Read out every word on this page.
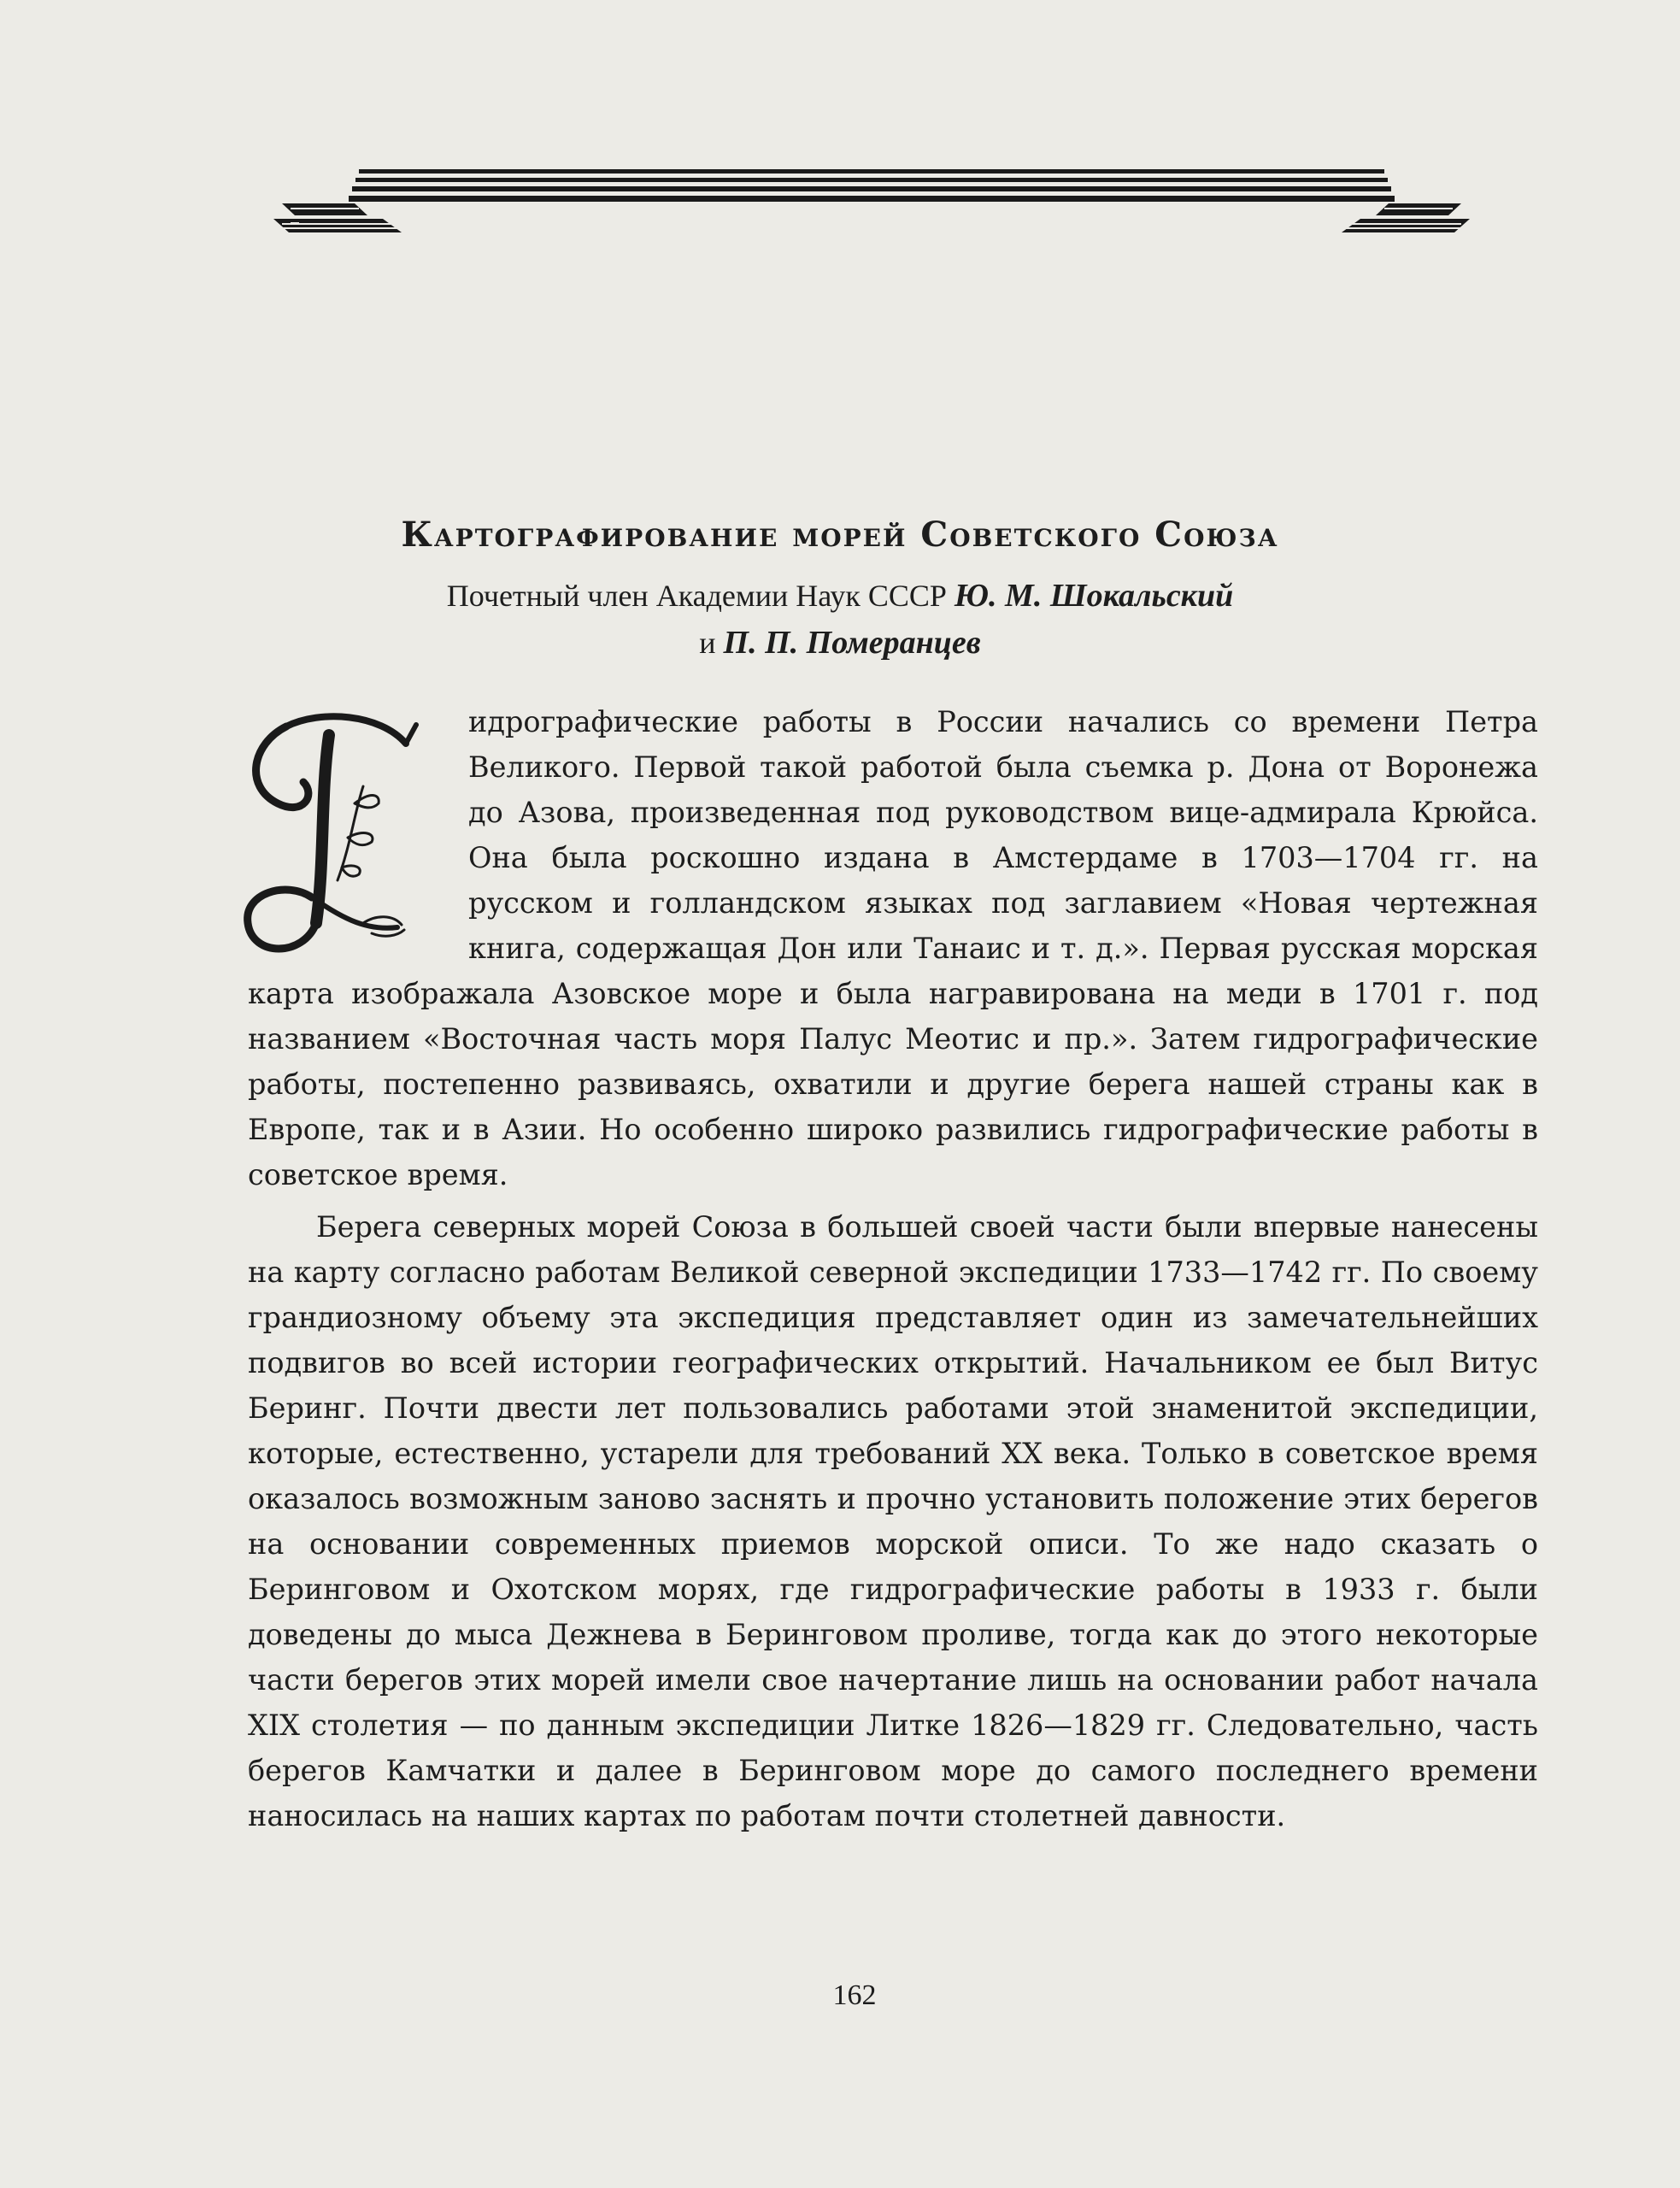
Картографирование морей Советского Союза

Почетный член Академии Наук СССР Ю. М. Шокальский

и П. П. Померанцев

идрографические работы в России начались со времени Петра Великого. Первой такой работой была съемка р. Дона от Воронежа до Азова, произведенная под руководством вице-адмирала Крюйса. Она была роскошно издана в Амстердаме в 1703—1704 гг. на русском и голландском языках под заглавием «Новая чертежная книга, содержащая Дон или Танаис и т. д.». Первая русская морская карта изображала Азовское море и была награвирована на меди в 1701 г. под названием «Восточная часть моря Палус Меотис и пр.». Затем гидрографические работы, постепенно развиваясь, охватили и другие берега нашей страны как в Европе, так и в Азии. Но особенно широко развились гидрографические работы в советское время.

Берега северных морей Союза в большей своей части были впервые нанесены на карту согласно работам Великой северной экспедиции 1733—1742 гг. По своему грандиозному объему эта экспедиция представляет один из замечательнейших подвигов во всей истории географических открытий. Начальником ее был Витус Беринг. Почти двести лет пользовались работами этой знаменитой экспедиции, которые, естественно, устарели для требований XX века. Только в советское время оказалось возможным заново заснять и прочно установить положение этих берегов на основании современных приемов морской описи. То же надо сказать о Беринговом и Охотском морях, где гидрографические работы в 1933 г. были доведены до мыса Дежнева в Беринговом проливе, тогда как до этого некоторые части берегов этих морей имели свое начертание лишь на основании работ начала XIX столетия — по данным экспедиции Литке 1826—1829 гг. Следовательно, часть берегов Камчатки и далее в Беринговом море до самого последнего времени наносилась на наших картах по работам почти столетней давности.

162
